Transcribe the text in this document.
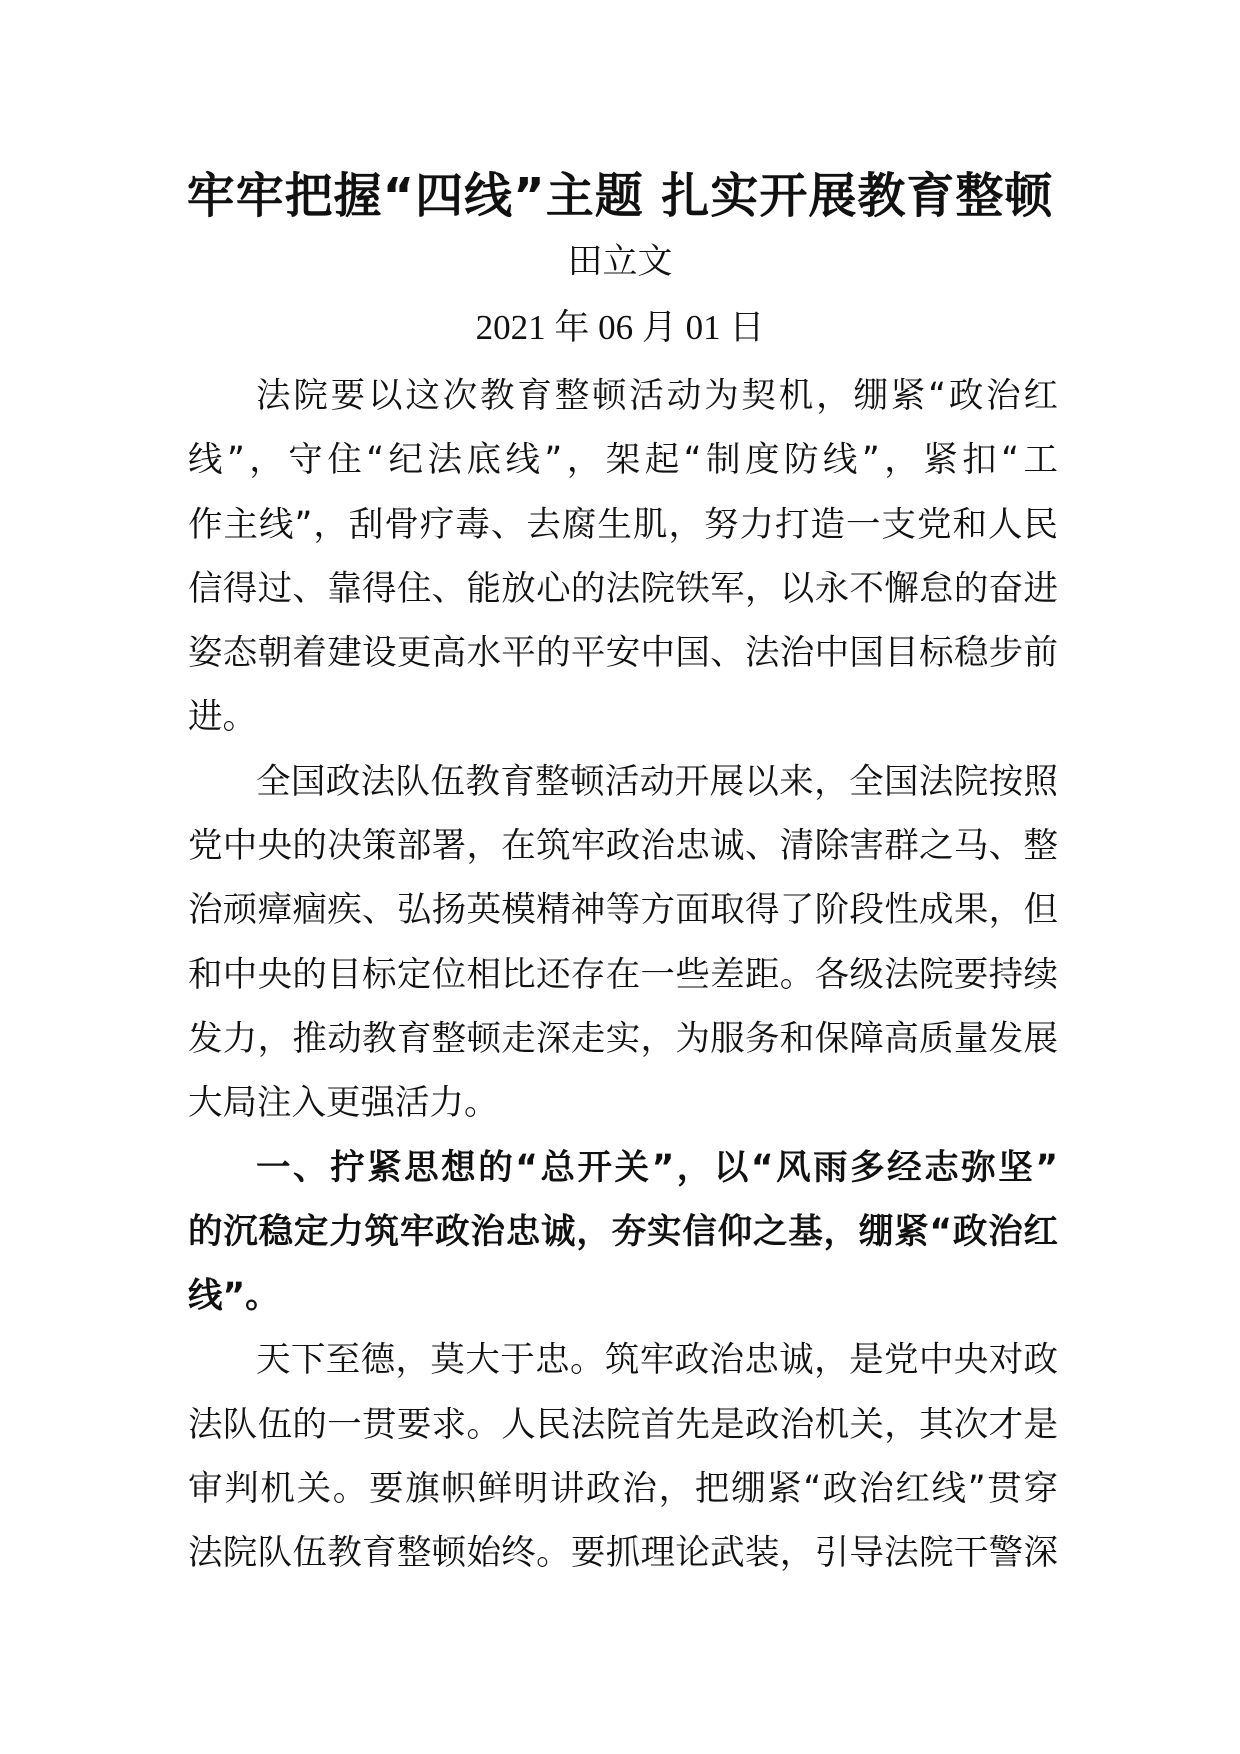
牢牢把握“四线”主题 扎实开展教育整顿
田立文
2021 年 06 月 01 日
法院要以这次教育整顿活动为契机，绷紧“政治红
线”，守住“纪法底线”，架起“制度防线”，紧扣“工
作主线”，刮骨疗毒、去腐生肌，努力打造一支党和人民
信得过、靠得住、能放心的法院铁军，以永不懈怠的奋进
姿态朝着建设更高水平的平安中国、法治中国目标稳步前
进。
全国政法队伍教育整顿活动开展以来，全国法院按照
党中央的决策部署，在筑牢政治忠诚、清除害群之马、整
治顽瘴痼疾、弘扬英模精神等方面取得了阶段性成果，但
和中央的目标定位相比还存在一些差距。各级法院要持续
发力，推动教育整顿走深走实，为服务和保障高质量发展
大局注入更强活力。
一、拧紧思想的“总开关”，以“风雨多经志弥坚”
的沉稳定力筑牢政治忠诚，夯实信仰之基，绷紧“政治红
线”。
天下至德，莫大于忠。筑牢政治忠诚，是党中央对政
法队伍的一贯要求。人民法院首先是政治机关，其次才是
审判机关。要旗帜鲜明讲政治，把绷紧“政治红线”贯穿
法院队伍教育整顿始终。要抓理论武装，引导法院干警深
